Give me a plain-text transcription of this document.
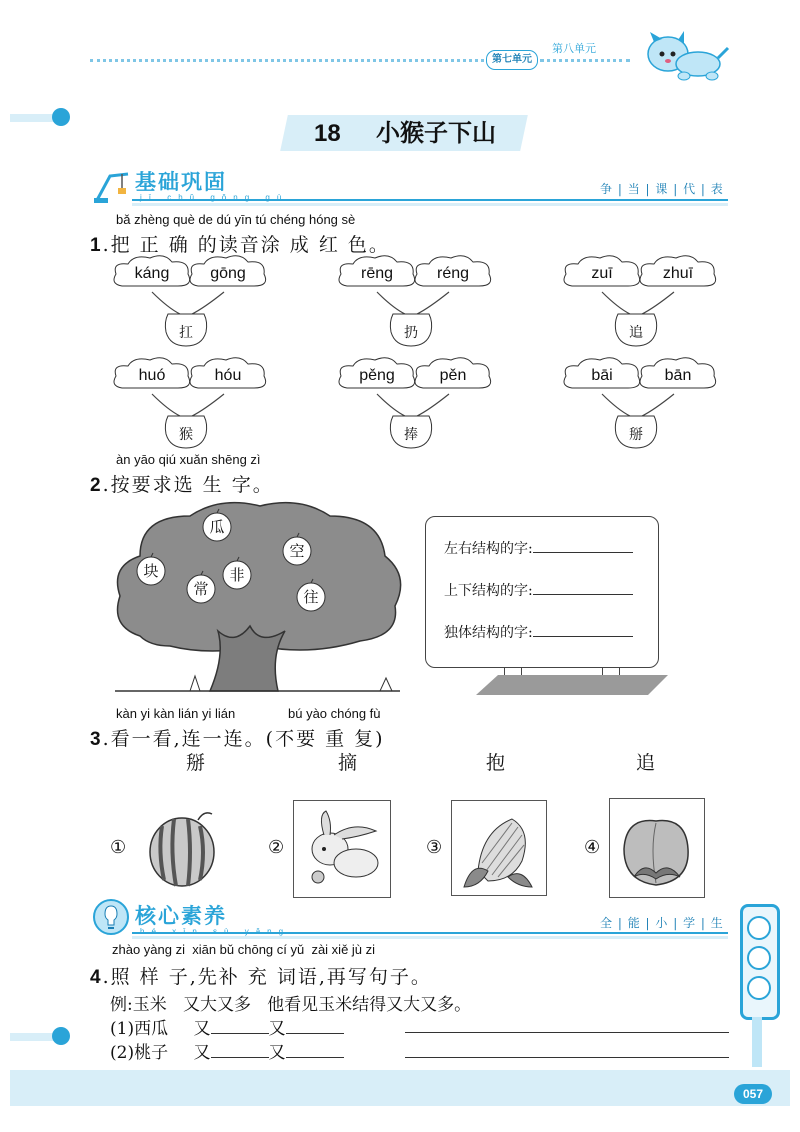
第七单元
第八单元
18 小猴子下山
基础巩固
jī chǔ gǒng gù
争 | 当 | 课 | 代 | 表
bǎ zhèng què de dú yīn tú chéng hóng sè
1.把 正 确 的读音涂 成 红 色。
káng	gōng
扛
rēng	réng
扔
zuī	zhuī
追
huó	hóu
猴
pěng	pěn
捧
bāi	bān
掰
àn yāo qiú xuǎn shēng zì
2.按要求选 生 字。
瓜
块
常
非
空
往
左右结构的字:
上下结构的字:
独体结构的字:
kàn yi kàn lián yi lián	bú yào chóng fù
3.看一看,连一连。(不要 重 复)
掰	摘	抱	追
①	②	③	④
核心素养
hé xīn sù yǎng
全 | 能 | 小 | 学 | 生
zhào yàng zi  xiān bǔ chōng cí yǔ  zài xiě jù zi
4.照 样 子,先补 充 词语,再写句子。
例:玉米   又大又多   他看见玉米结得又大又多。
(1)西瓜 又	又
(2)桃子 又	又
057
